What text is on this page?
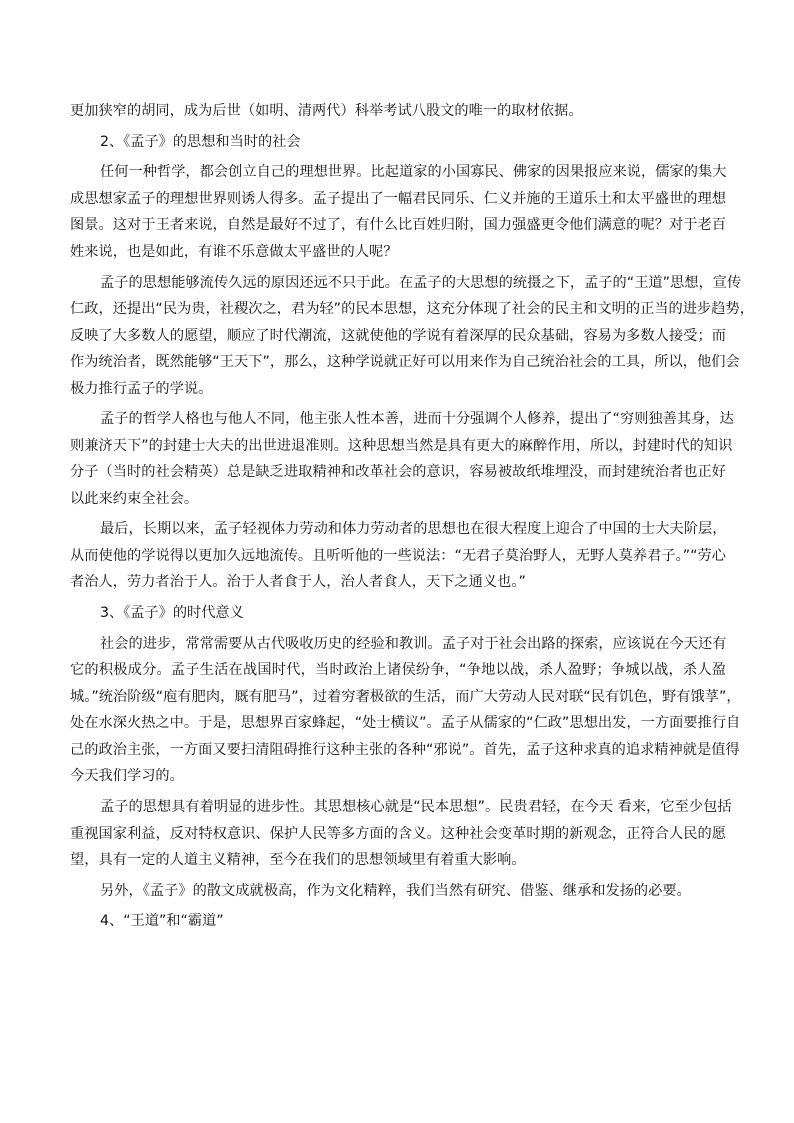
更加狭窄的胡同，成为后世（如明、清两代）科举考试八股文的唯一的取材依据。
2、《孟子》的思想和当时的社会
任何一种哲学，都会创立自己的理想世界。比起道家的小国寡民、佛家的因果报应来说，儒家的集大
成思想家孟子的理想世界则诱人得多。孟子提出了一幅君民同乐、仁义并施的王道乐土和太平盛世的理想
图景。这对于王者来说，自然是最好不过了，有什么比百姓归附，国力强盛更令他们满意的呢？对于老百
姓来说，也是如此，有谁不乐意做太平盛世的人呢？
孟子的思想能够流传久远的原因还远不只于此。在孟子的大思想的统摄之下，孟子的“王道”思想，宣传
仁政，还提出“民为贵，社稷次之，君为轻”的民本思想，这充分体现了社会的民主和文明的正当的进步趋势，
反映了大多数人的愿望，顺应了时代潮流，这就使他的学说有着深厚的民众基础，容易为多数人接受；而
作为统治者，既然能够“王天下”，那么，这种学说就正好可以用来作为自己统治社会的工具，所以，他们会
极力推行孟子的学说。
孟子的哲学人格也与他人不同，他主张人性本善，进而十分强调个人修养，提出了“穷则独善其身，达
则兼济天下”的封建士大夫的出世进退准则。这种思想当然是具有更大的麻醉作用，所以，封建时代的知识
分子（当时的社会精英）总是缺乏进取精神和改革社会的意识，容易被故纸堆埋没，而封建统治者也正好
以此来约束全社会。
最后，长期以来，孟子轻视体力劳动和体力劳动者的思想也在很大程度上迎合了中国的士大夫阶层，
从而使他的学说得以更加久远地流传。且听听他的一些说法：“无君子莫治野人，无野人莫养君子。”“劳心
者治人，劳力者治于人。治于人者食于人，治人者食人，天下之通义也。”
3、《孟子》的时代意义
社会的进步，常常需要从古代吸收历史的经验和教训。孟子对于社会出路的探索，应该说在今天还有
它的积极成分。孟子生活在战国时代，当时政治上诸侯纷争，“争地以战，杀人盈野；争城以战，杀人盈
城。”统治阶级“庖有肥肉，厩有肥马”，过着穷奢极欲的生活，而广大劳动人民对联“民有饥色，野有饿莩”，
处在水深火热之中。于是，思想界百家蜂起，“处士横议”。孟子从儒家的“仁政”思想出发，一方面要推行自
己的政治主张，一方面又要扫清阻碍推行这种主张的各种“邪说”。首先，孟子这种求真的追求精神就是值得
今天我们学习的。
孟子的思想具有着明显的进步性。其思想核心就是“民本思想”。民贵君轻，在今天 看来，它至少包括
重视国家利益，反对特权意识、保护人民等多方面的含义。这种社会变革时期的新观念，正符合人民的愿
望，具有一定的人道主义精神，至今在我们的思想领域里有着重大影响。
另外，《孟子》的散文成就极高，作为文化精粹，我们当然有研究、借鉴、继承和发扬的必要。
4、“王道”和“霸道”
